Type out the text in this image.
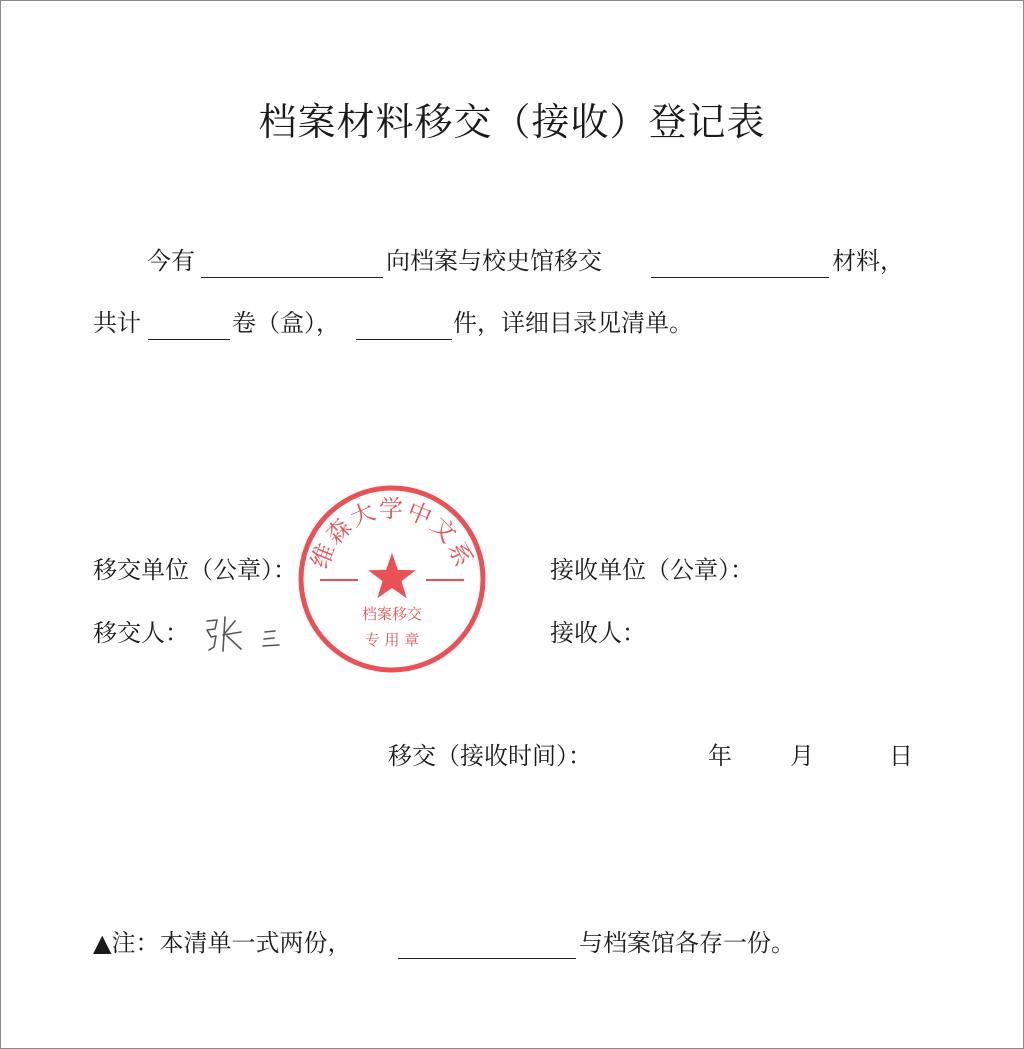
档案材料移交（接收）登记表
今有	向档案与校史馆移交	材料，
共计	卷（盒），	件，详细目录见清单。
移交单位（公章）：	接收单位（公章）：
移交人：	接收人：
维森大学中文系
档案移交
专 用 章
移交（接收时间）：	年 月	日
▲注：本清单一式两份，	与档案馆各存一份。
